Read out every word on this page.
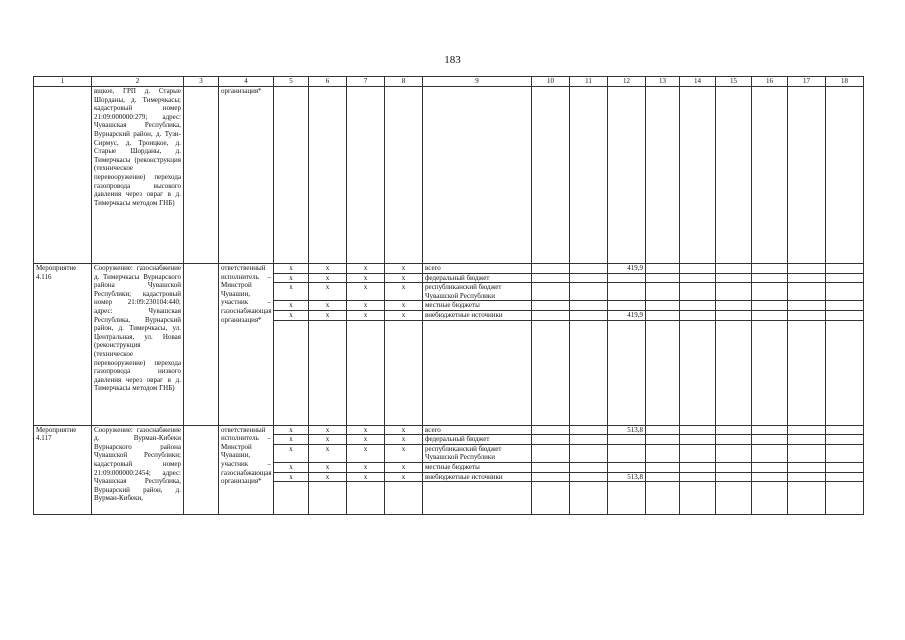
183
1	2	3	4	5	6	7	8	9	10	11	12	13	14	15	16	17	18
	вщкое, ГРП д. Старые Шорданы, д. Тимерчкасы; кадастровый номер 21:09:000000:279; адрес: Чувашская Республика, Вурнарский район, д. Тузи-Сирмус, д. Троицкое, д. Старые Шорданы, д. Тимерчкасы (реконструкция (техническое перевооружение) перехода газопровода высокого давления через овраг в д. Тимерчкасы методом ГНБ)		организация*														
Мероприятие 4.116	Сооружение: газоснабжение д. Тимерчкасы Вурнарского района Чувашской Республики; кадастровый номер 21:09:230104:440; адрес: Чувашская Республика, Вурнарский район, д. Тимерчкасы, ул. Центральная, ул. Новая (реконструкция (техническое перевооружение) перехода газопровода низкого давления через овраг в д. Тимерчкасы методом ГНБ)		ответственный исполнитель – Минстрой Чувашии, участник – газоснабжающая организация*	х	х	х	х	всего			419,9						
				х	х	х	х	федеральный бюджет									
				х	х	х	х	республиканский бюджет Чувашской Республики									
				х	х	х	х	местные бюджеты									
				х	х	х	х	внебюджетные источники			419,9						

Мероприятие 4.117	Сооружение: газоснабжение д. Вурман-Кибеки Вурнарского района Чувашской Республики; кадастровый номер 21:09:000000:2454; адрес: Чувашская Республика, Вурнарский район, д. Вурман-Кибеки,		ответственный исполнитель – Минстрой Чувашии, участник – газоснабжающая организация*	х	х	х	х	всего			513,8						
				х	х	х	х	федеральный бюджет									
				х	х	х	х	республиканский бюджет Чувашской Республики									
				х	х	х	х	местные бюджеты									
				х	х	х	х	внебюджетные источники			513,8						
